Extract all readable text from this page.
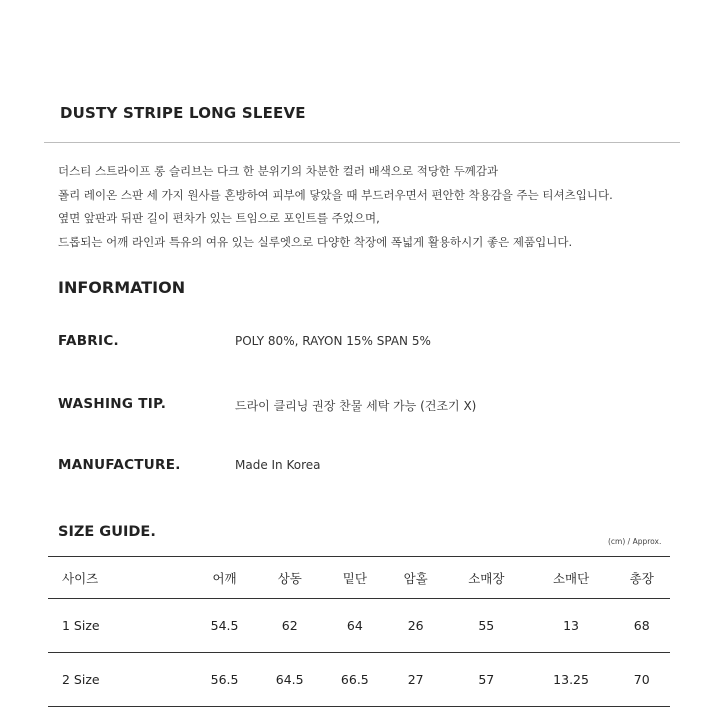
DUSTY STRIPE LONG SLEEVE
더스티 스트라이프 롱 슬리브는 다크 한 분위기의 차분한 컬러 배색으로 적당한 두께감과
폴리 레이온 스판 세 가지 원사를 혼방하여 피부에 닿았을 때 부드러우면서 편안한 착용감을 주는 티셔츠입니다.
옆면 앞판과 뒤판 길이 편차가 있는 트임으로 포인트를 주었으며,
드롭되는 어깨 라인과 특유의 여유 있는 실루엣으로 다양한 착장에 폭넓게 활용하시기 좋은 제품입니다.
INFORMATION
FABRIC.	POLY 80%, RAYON 15% SPAN 5%
WASHING TIP.	드라이 클리닝 권장 찬물 세탁 가능 (건조기 X)
MANUFACTURE.	Made In Korea
SIZE GUIDE.
(cm) / Approx.
사이즈	어깨	상동	밑단	암홀	소매장	소매단	총장
1 Size	54.5	62	64	26	55	13	68
2 Size	56.5	64.5	66.5	27	57	13.25	70
